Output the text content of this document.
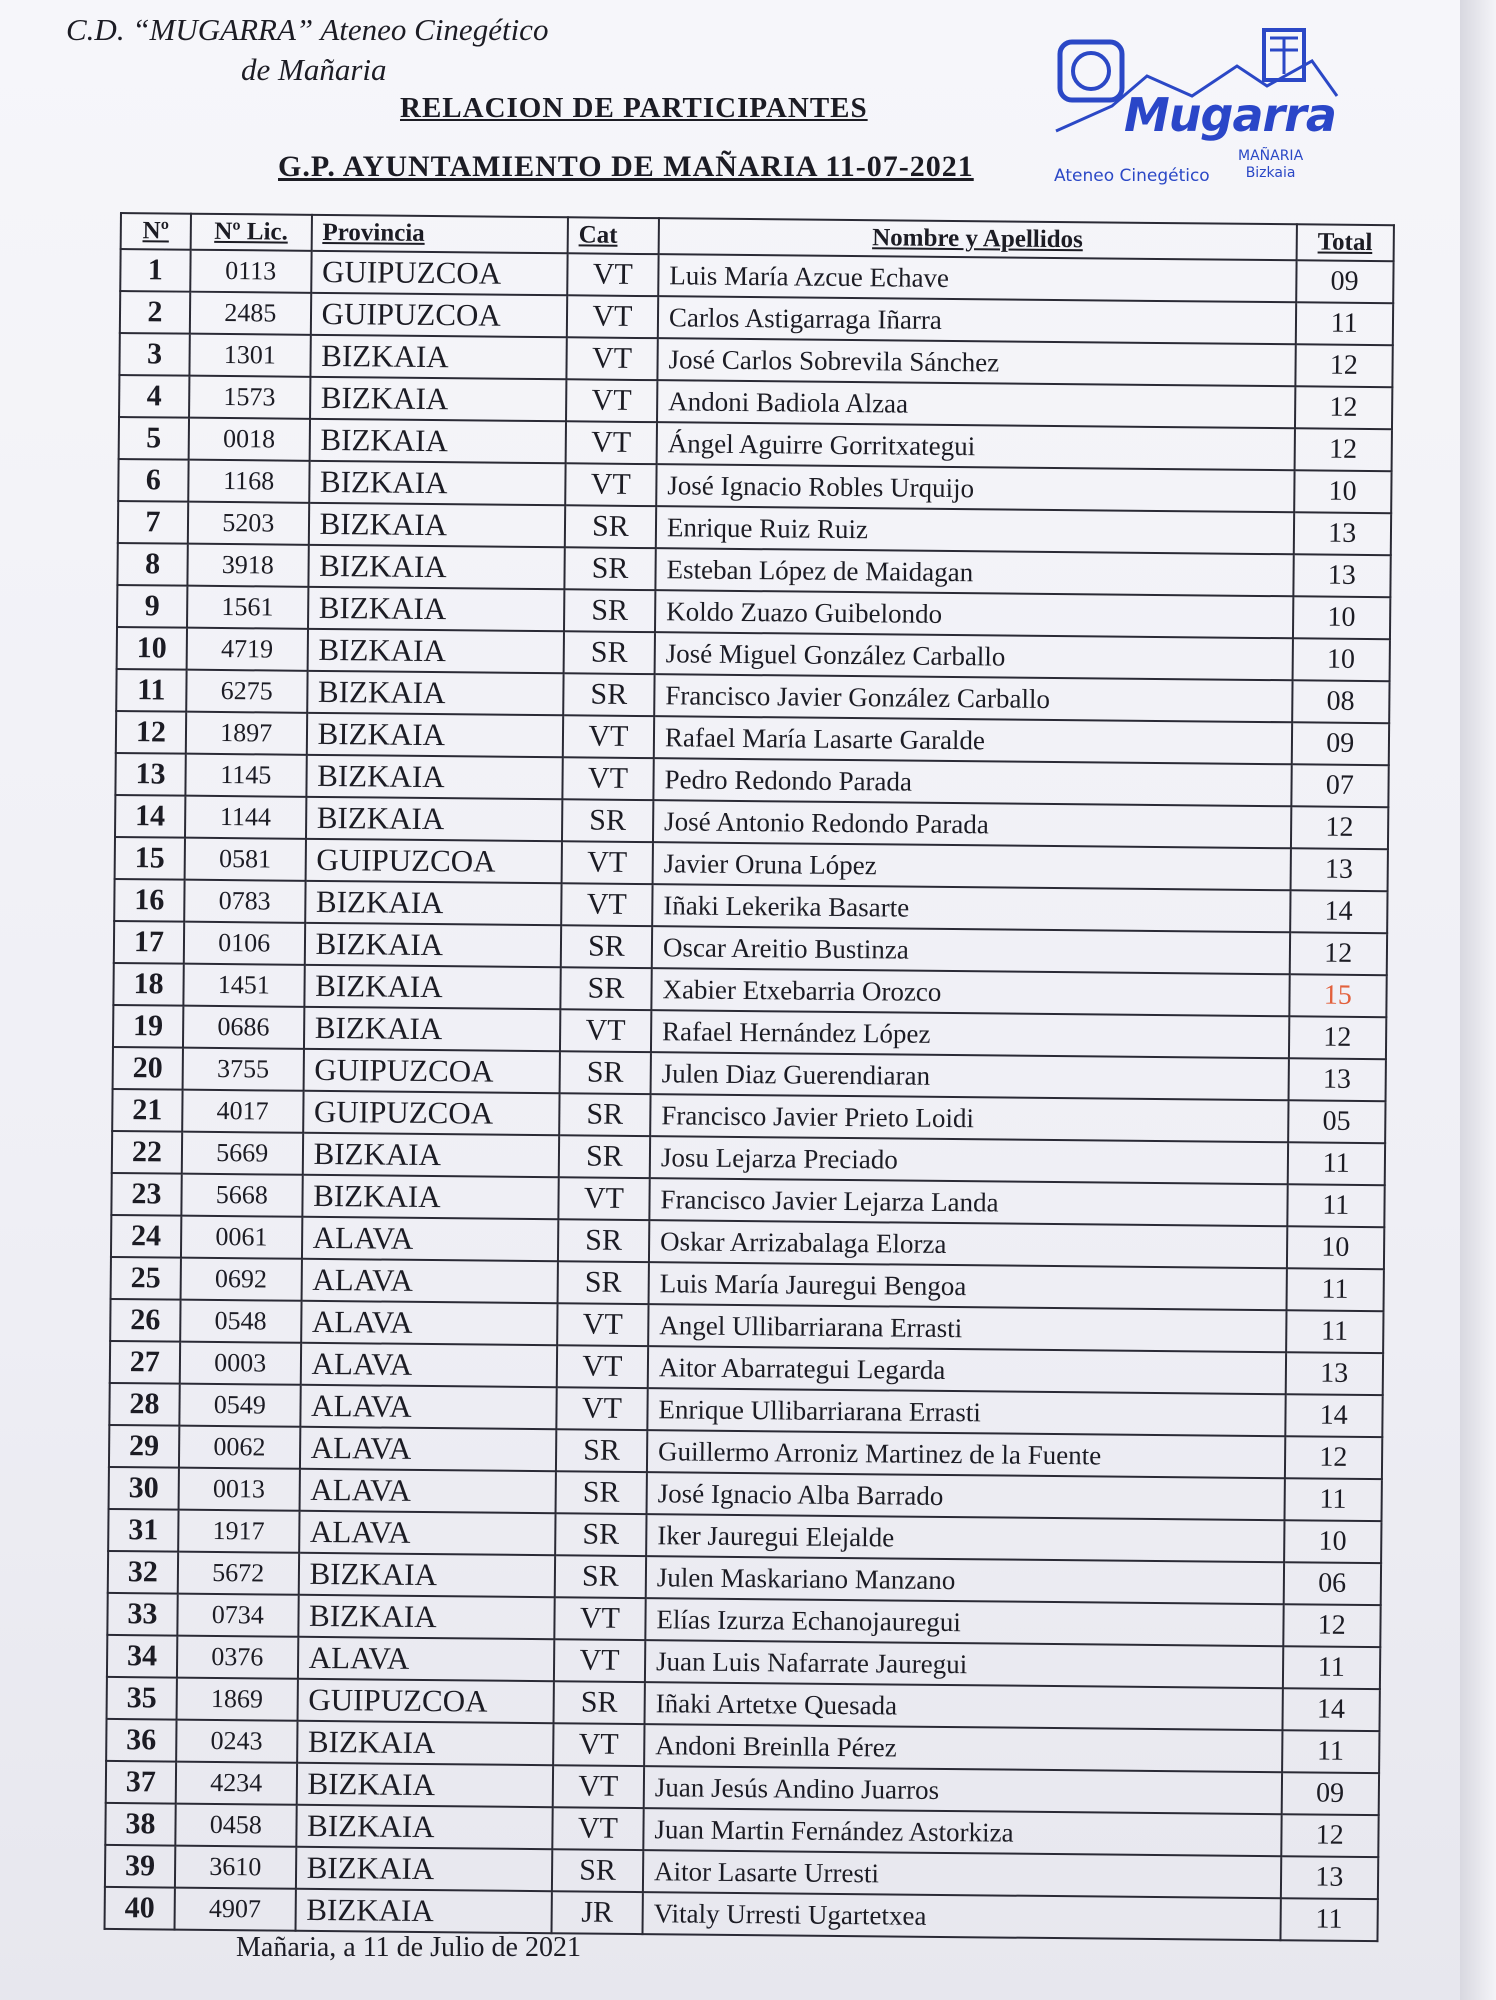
C.D. “MUGARRA” Ateneo Cinegético
de Mañaria
RELACION DE PARTICIPANTES
G.P. AYUNTAMIENTO DE MAÑARIA 11-07-2021
Mugarra
Ateneo Cinegético
MAÑARIA
Bizkaia
Nº	Nº Lic.	Provincia	Cat	Nombre y Apellidos	Total
1	0113	GUIPUZCOA	VT	Luis María Azcue Echave	09
2	2485	GUIPUZCOA	VT	Carlos Astigarraga Iñarra	11
3	1301	BIZKAIA	VT	José Carlos Sobrevila Sánchez	12
4	1573	BIZKAIA	VT	Andoni Badiola Alzaa	12
5	0018	BIZKAIA	VT	Ángel Aguirre Gorritxategui	12
6	1168	BIZKAIA	VT	José Ignacio Robles Urquijo	10
7	5203	BIZKAIA	SR	Enrique Ruiz Ruiz	13
8	3918	BIZKAIA	SR	Esteban López de Maidagan	13
9	1561	BIZKAIA	SR	Koldo Zuazo Guibelondo	10
10	4719	BIZKAIA	SR	José Miguel González Carballo	10
11	6275	BIZKAIA	SR	Francisco Javier González Carballo	08
12	1897	BIZKAIA	VT	Rafael María Lasarte Garalde	09
13	1145	BIZKAIA	VT	Pedro Redondo Parada	07
14	1144	BIZKAIA	SR	José Antonio Redondo Parada	12
15	0581	GUIPUZCOA	VT	Javier Oruna López	13
16	0783	BIZKAIA	VT	Iñaki Lekerika Basarte	14
17	0106	BIZKAIA	SR	Oscar Areitio Bustinza	12
18	1451	BIZKAIA	SR	Xabier Etxebarria Orozco	15
19	0686	BIZKAIA	VT	Rafael Hernández López	12
20	3755	GUIPUZCOA	SR	Julen Diaz Guerendiaran	13
21	4017	GUIPUZCOA	SR	Francisco Javier Prieto Loidi	05
22	5669	BIZKAIA	SR	Josu Lejarza Preciado	11
23	5668	BIZKAIA	VT	Francisco Javier Lejarza Landa	11
24	0061	ALAVA	SR	Oskar Arrizabalaga Elorza	10
25	0692	ALAVA	SR	Luis María Jauregui Bengoa	11
26	0548	ALAVA	VT	Angel Ullibarriarana Errasti	11
27	0003	ALAVA	VT	Aitor Abarrategui Legarda	13
28	0549	ALAVA	VT	Enrique Ullibarriarana Errasti	14
29	0062	ALAVA	SR	Guillermo Arroniz Martinez de la Fuente	12
30	0013	ALAVA	SR	José Ignacio Alba Barrado	11
31	1917	ALAVA	SR	Iker Jauregui Elejalde	10
32	5672	BIZKAIA	SR	Julen Maskariano Manzano	06
33	0734	BIZKAIA	VT	Elías Izurza Echanojauregui	12
34	0376	ALAVA	VT	Juan Luis Nafarrate Jauregui	11
35	1869	GUIPUZCOA	SR	Iñaki Artetxe Quesada	14
36	0243	BIZKAIA	VT	Andoni Breinlla Pérez	11
37	4234	BIZKAIA	VT	Juan Jesús Andino Juarros	09
38	0458	BIZKAIA	VT	Juan Martin Fernández Astorkiza	12
39	3610	BIZKAIA	SR	Aitor Lasarte Urresti	13
40	4907	BIZKAIA	JR	Vitaly Urresti Ugartetxea	11
Mañaria, a 11 de Julio de 2021
